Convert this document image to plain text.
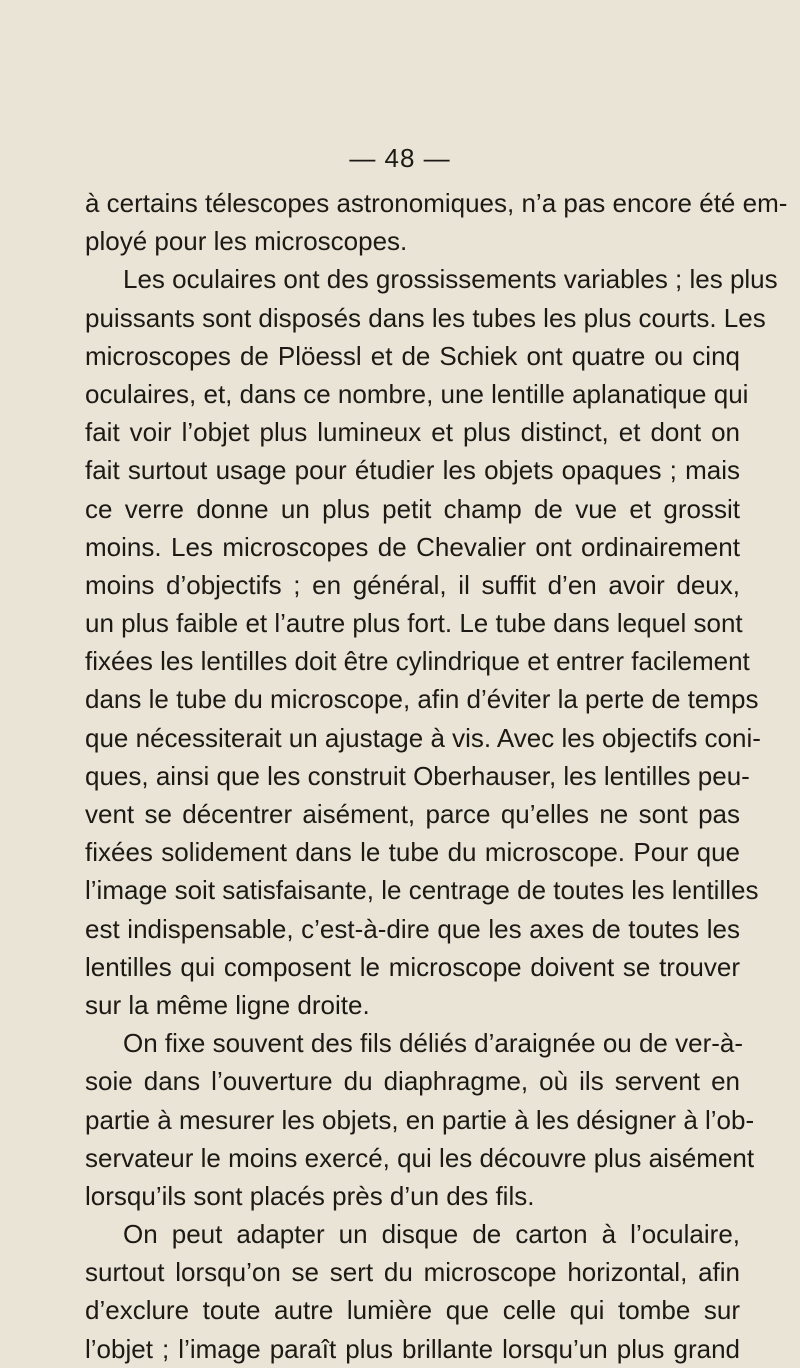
— 48 —
à certains télescopes astronomiques, n’a pas encore été em-
ployé pour les microscopes.
Les oculaires ont des grossissements variables ; les plus
puissants sont disposés dans les tubes les plus courts. Les
microscopes de Plöessl et de Schiek ont quatre ou cinq
oculaires, et, dans ce nombre, une lentille aplanatique qui
fait voir l’objet plus lumineux et plus distinct, et dont on
fait surtout usage pour étudier les objets opaques ; mais
ce verre donne un plus petit champ de vue et grossit
moins. Les microscopes de Chevalier ont ordinairement
moins d’objectifs ; en général, il suffit d’en avoir deux,
un plus faible et l’autre plus fort. Le tube dans lequel sont
fixées les lentilles doit être cylindrique et entrer facilement
dans le tube du microscope, afin d’éviter la perte de temps
que nécessiterait un ajustage à vis. Avec les objectifs coni-
ques, ainsi que les construit Oberhauser, les lentilles peu-
vent se décentrer aisément, parce qu’elles ne sont pas
fixées solidement dans le tube du microscope. Pour que
l’image soit satisfaisante, le centrage de toutes les lentilles
est indispensable, c’est-à-dire que les axes de toutes les
lentilles qui composent le microscope doivent se trouver
sur la même ligne droite.
On fixe souvent des fils déliés d’araignée ou de ver-à-
soie dans l’ouverture du diaphragme, où ils servent en
partie à mesurer les objets, en partie à les désigner à l’ob-
servateur le moins exercé, qui les découvre plus aisément
lorsqu’ils sont placés près d’un des fils.
On peut adapter un disque de carton à l’oculaire,
surtout lorsqu’on se sert du microscope horizontal, afin
d’exclure toute autre lumière que celle qui tombe sur
l’objet ; l’image paraît plus brillante lorsqu’un plus grand
